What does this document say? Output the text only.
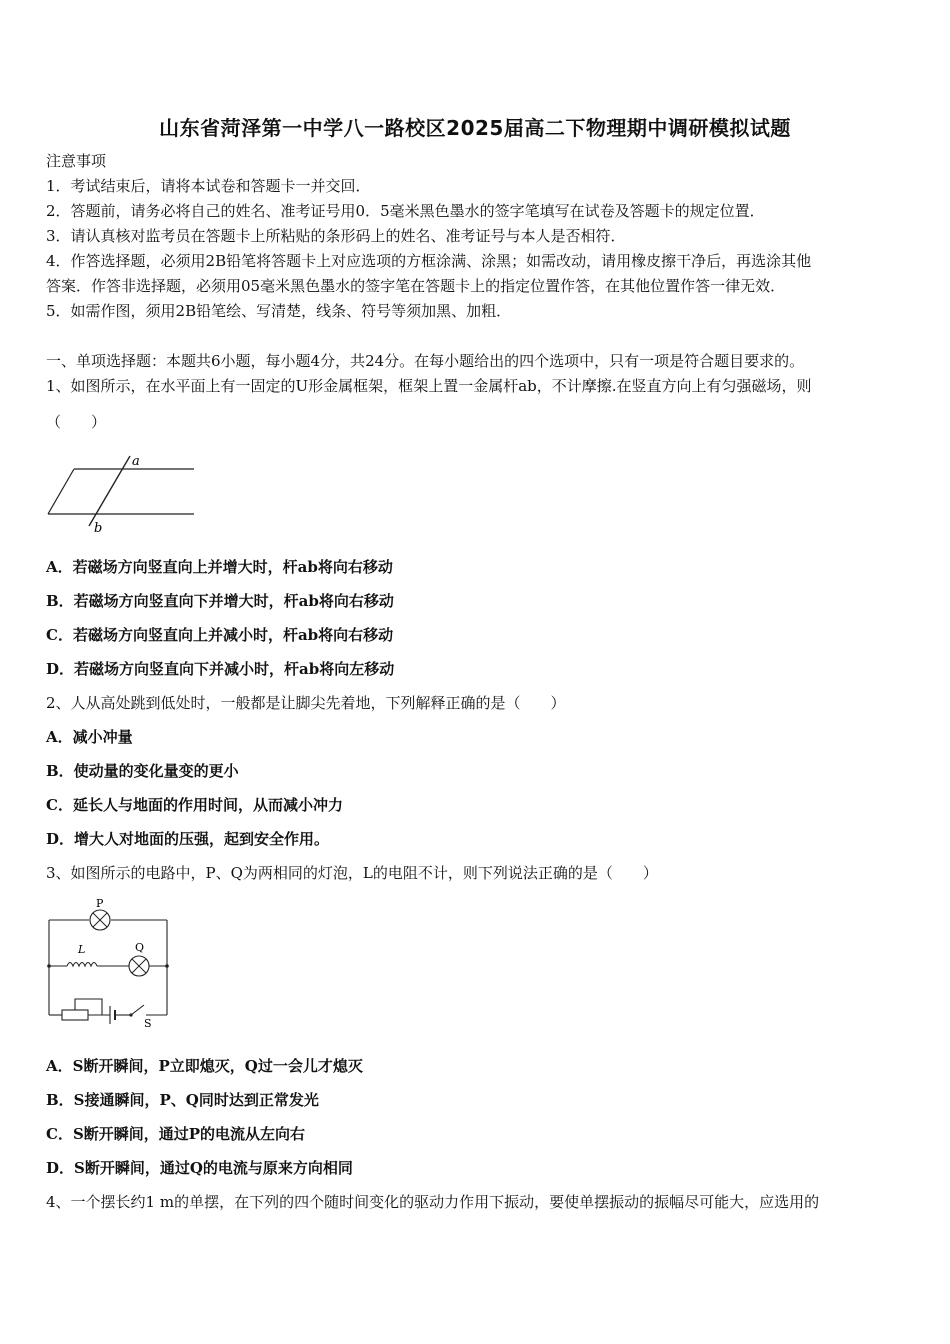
山东省菏泽第一中学八一路校区2025届高二下物理期中调研模拟试题
注意事项
1．考试结束后，请将本试卷和答题卡一并交回．
2．答题前，请务必将自己的姓名、准考证号用0．5毫米黑色墨水的签字笔填写在试卷及答题卡的规定位置．
3．请认真核对监考员在答题卡上所粘贴的条形码上的姓名、准考证号与本人是否相符．
4．作答选择题，必须用2B铅笔将答题卡上对应选项的方框涂满、涂黑；如需改动，请用橡皮擦干净后，再选涂其他
答案．作答非选择题，必须用05毫米黑色墨水的签字笔在答题卡上的指定位置作答，在其他位置作答一律无效．
5．如需作图，须用2B铅笔绘、写清楚，线条、符号等须加黑、加粗．
一、单项选择题：本题共6小题，每小题4分，共24分。在每小题给出的四个选项中，只有一项是符合题目要求的。
1、如图所示，在水平面上有一固定的U形金属框架，框架上置一金属杆ab，不计摩擦.在竖直方向上有匀强磁场，则
（　　）
a
b
A．若磁场方向竖直向上并增大时，杆ab将向右移动
B．若磁场方向竖直向下并增大时，杆ab将向右移动
C．若磁场方向竖直向上并减小时，杆ab将向右移动
D．若磁场方向竖直向下并减小时，杆ab将向左移动
2、人从高处跳到低处时，一般都是让脚尖先着地，下列解释正确的是（　　）
A．减小冲量
B．使动量的变化量变的更小
C．延长人与地面的作用时间，从而减小冲力
D．增大人对地面的压强，起到安全作用。
3、如图所示的电路中，P、Q为两相同的灯泡，L的电阻不计，则下列说法正确的是（　　）
P
L	Q
S
A．S断开瞬间，P立即熄灭，Q过一会儿才熄灭
B．S接通瞬间，P、Q同时达到正常发光
C．S断开瞬间，通过P的电流从左向右
D．S断开瞬间，通过Q的电流与原来方向相同
4、一个摆长约1 m的单摆，在下列的四个随时间变化的驱动力作用下振动，要使单摆振动的振幅尽可能大，应选用的
